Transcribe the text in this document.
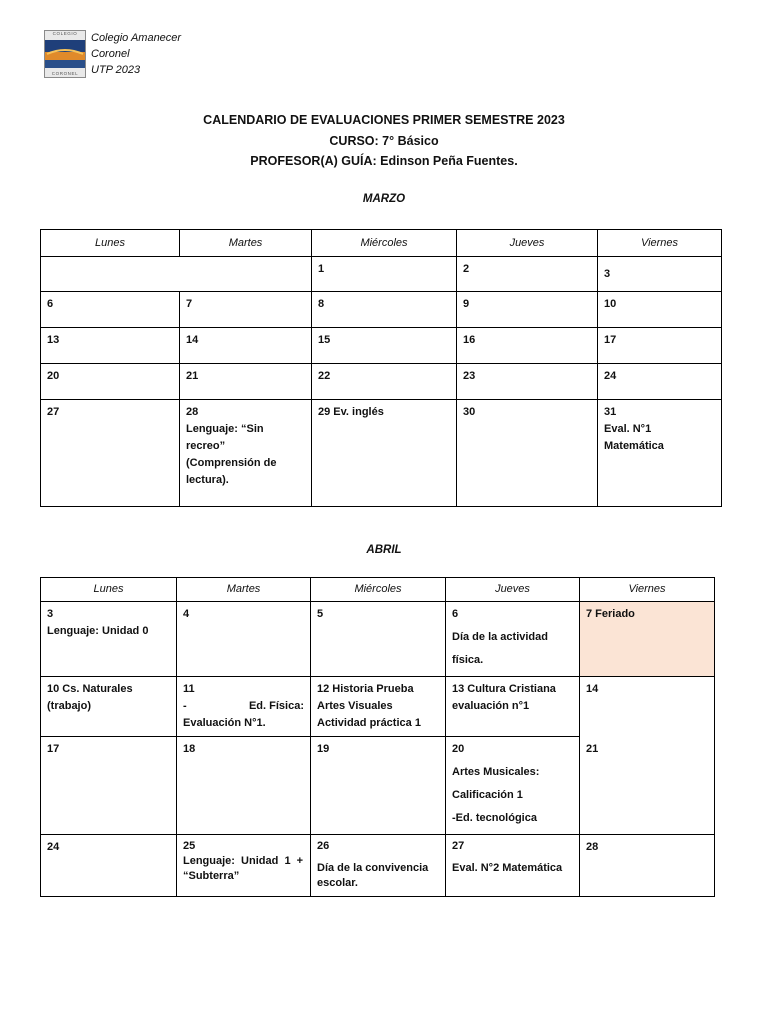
COLEGIO
CORONEL
Colegio Amanecer
Coronel
UTP 2023
CALENDARIO DE EVALUACIONES PRIMER SEMESTRE 2023
CURSO: 7° Básico
PROFESOR(A) GUÍA: Edinson Peña Fuentes.
MARZO
Lunes	Martes	Miércoles	Jueves	Viernes
		1	2	3
6	7	8	9	10
13	14	15	16	17
20	21	22	23	24
27	28
Lenguaje: “Sin
recreo”
(Comprensión de
lectura).	29 Ev. inglés	30	31
Eval. N°1
Matemática
ABRIL
Lunes	Martes	Miércoles	Jueves	Viernes

3
Lenguaje: Unidad 0	4	5	6
Día de la actividad
física.	7 Feriado

10 Cs. Naturales
(trabajo)	11
- Ed. Física:
Evaluación N°1.	12 Historia Prueba
Artes Visuales
Actividad práctica 1	13 Cultura Cristiana
evaluación n°1	14
17	18	19	20
Artes Musicales:
Calificación 1
-Ed. tecnológica	21
24	25
Lenguaje:  Unidad  1  +
“Subterra”	26
Día de la convivencia
escolar.	27
Eval. N°2 Matemática	28
